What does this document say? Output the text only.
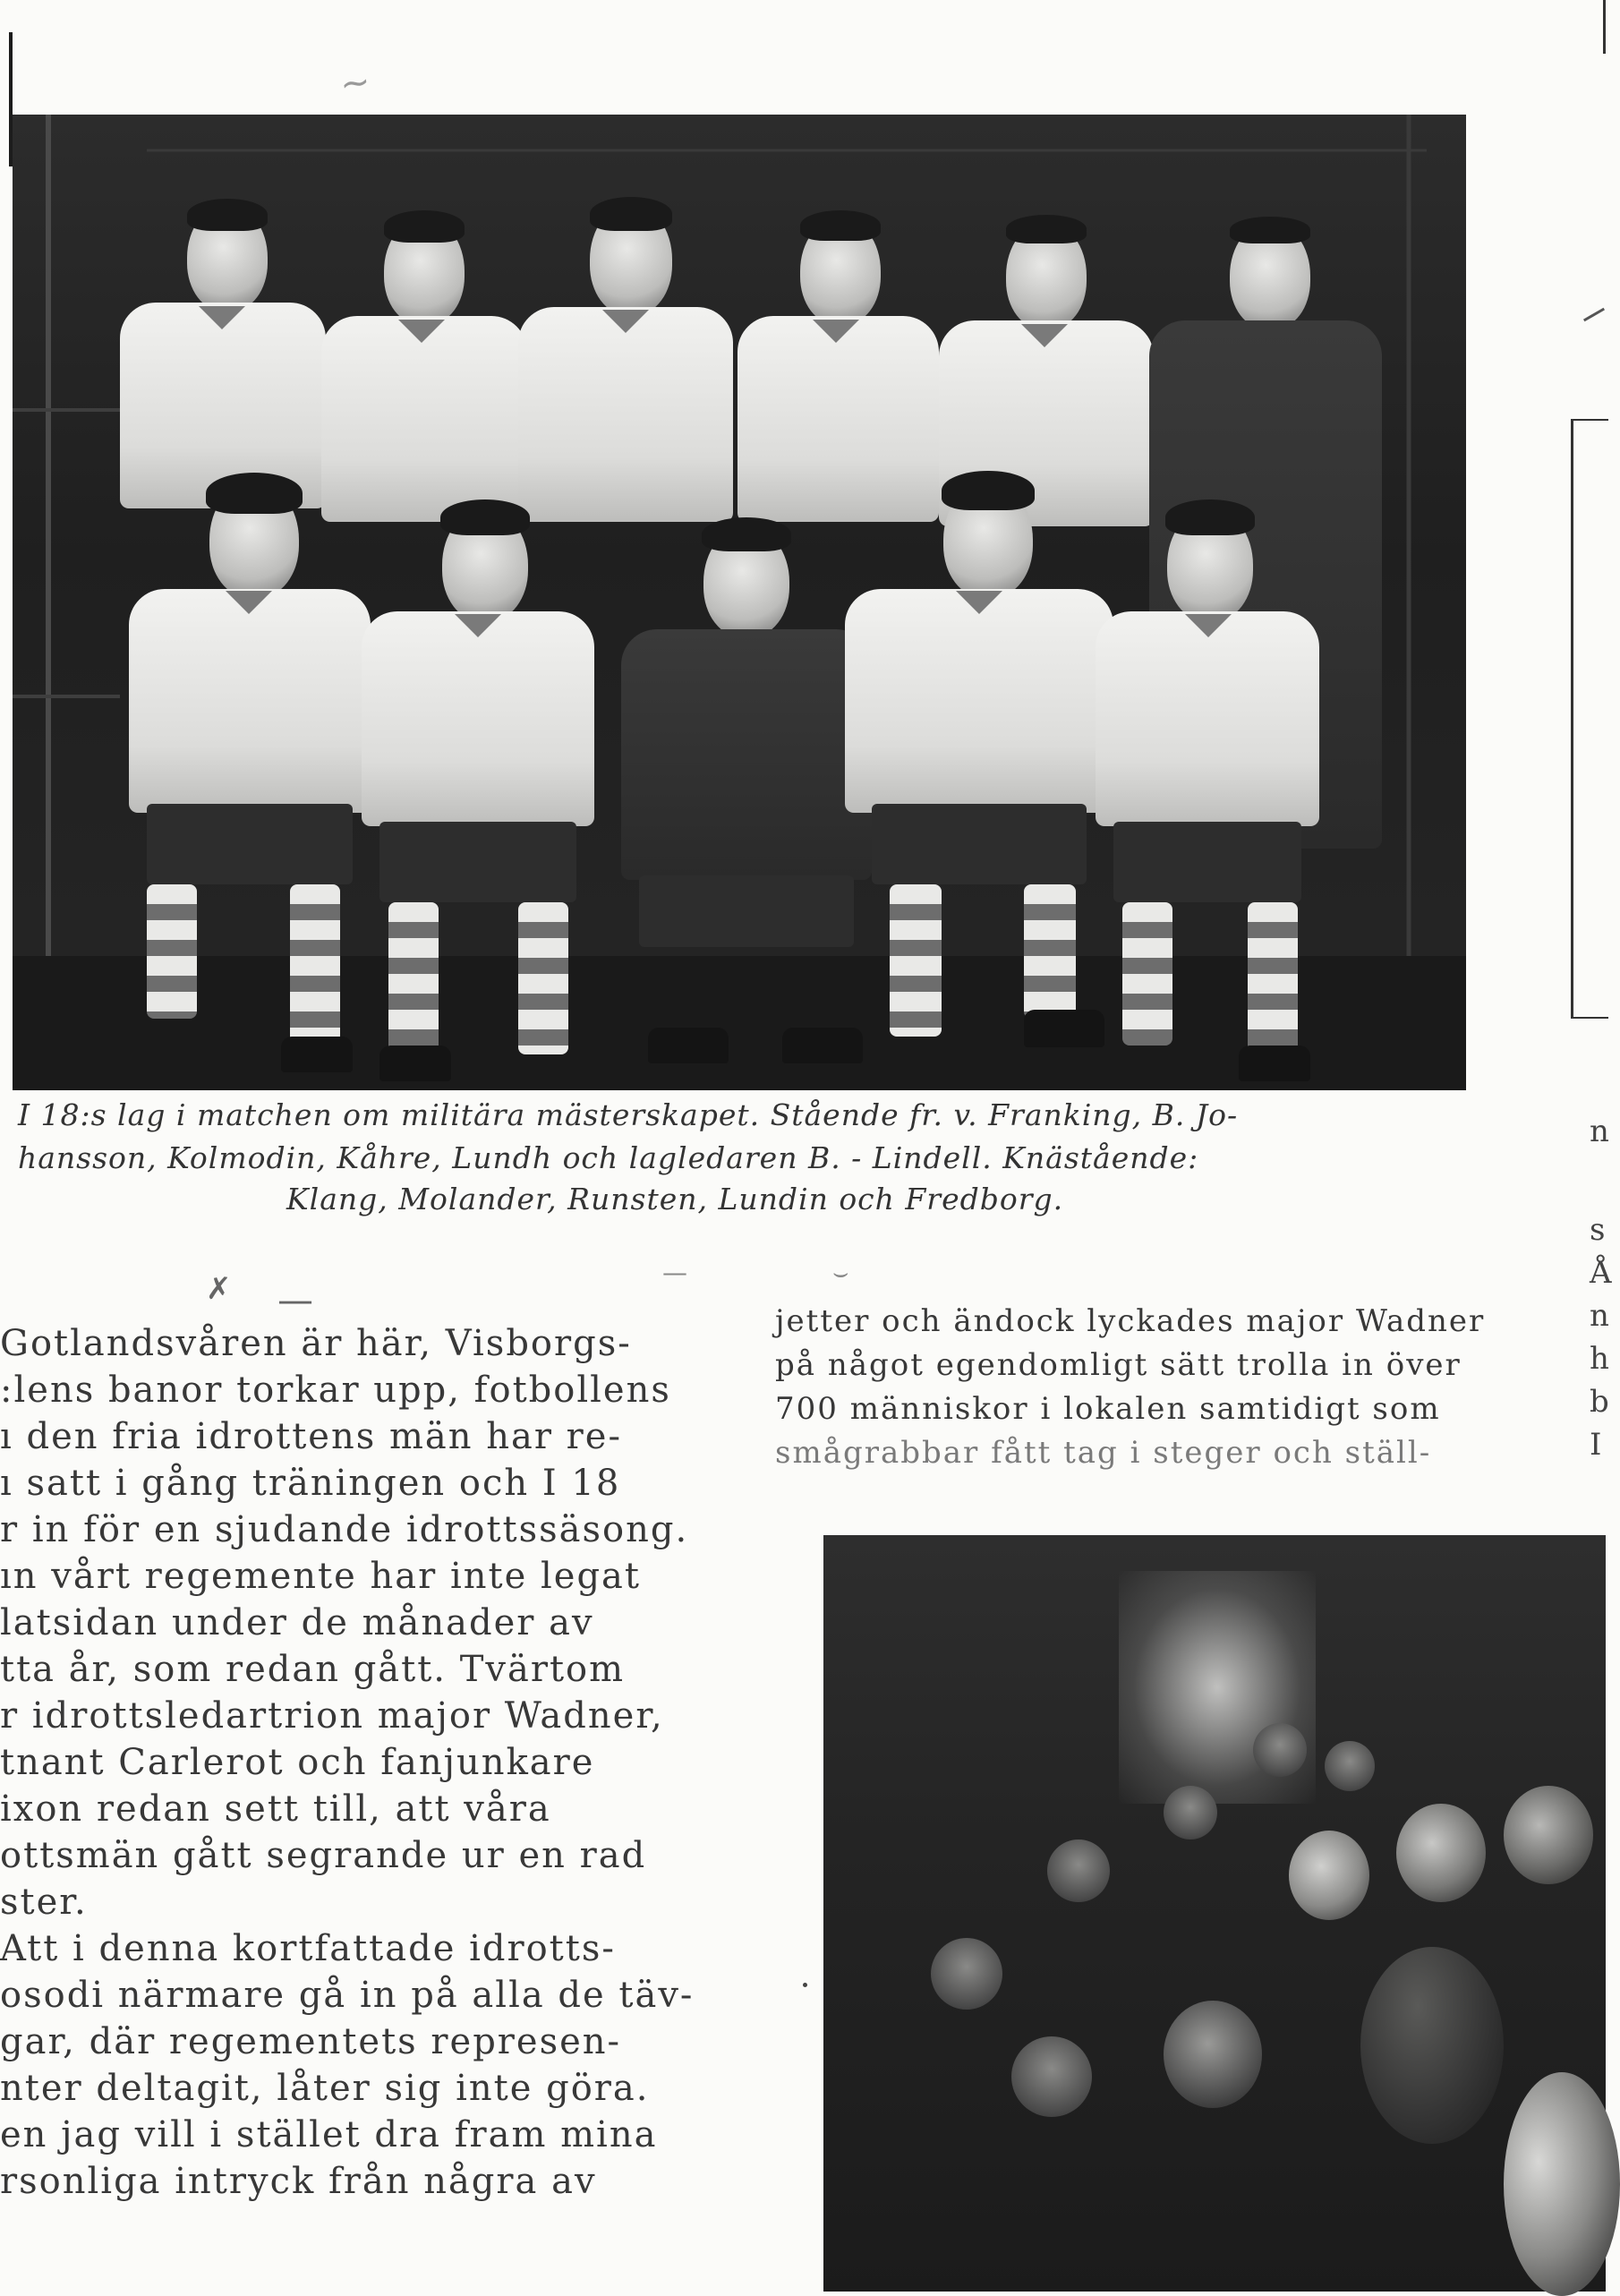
~
I 18:s lag i matchen om militära mästerskapet. Stående fr. v. Franking, B. Jo-
hansson, Kolmodin, Kåhre, Lundh och lagledaren B. - Lindell. Knästående:
Klang, Molander, Runsten, Lundin och Fredborg.
✗ —
—	⌣
Gotlandsvåren är här, Visborgs-
:lens banor torkar upp, fotbollens
ı den fria idrottens män har re-
ı satt i gång träningen och I 18
r in för en sjudande idrottssäsong.
ın vårt regemente har inte legat
latsidan under de månader av
tta år, som redan gått. Tvärtom
r idrottsledartrion major Wadner,
tnant Carlerot och fanjunkare
ixon redan sett till, att våra
ottsmän gått segrande ur en rad
ster.
Att i denna kortfattade idrotts-
osodi närmare gå in på alla de täv-
gar, där regementets represen-
nter deltagit, låter sig inte göra.
en jag vill i stället dra fram mina
rsonliga intryck från några av
jetter och ändock lyckades major Wadner
på något egendomligt sätt trolla in över
700 människor i lokalen samtidigt som
smågrabbar fått tag i steger och ställ-
n
s
Å
n
h
b
I
